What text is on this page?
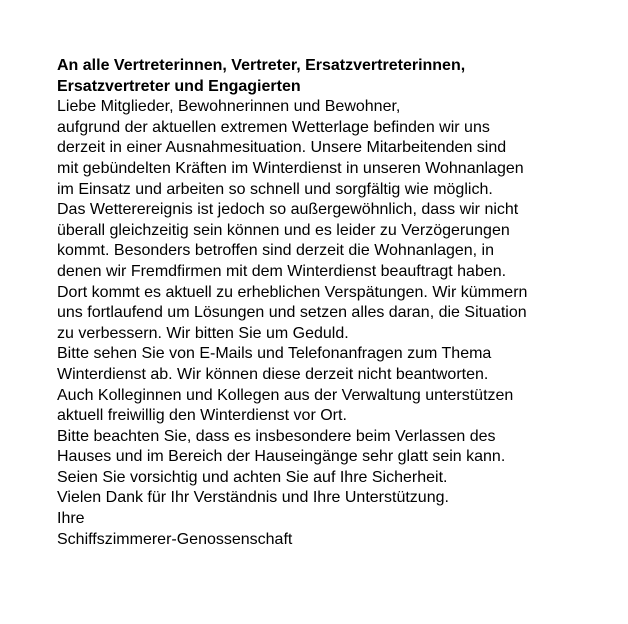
An alle Vertreterinnen, Vertreter, Ersatzvertreterinnen,
Ersatzvertreter und Engagierten
Liebe Mitglieder, Bewohnerinnen und Bewohner,
aufgrund der aktuellen extremen Wetterlage befinden wir uns
derzeit in einer Ausnahmesituation. Unsere Mitarbeitenden sind
mit gebündelten Kräften im Winterdienst in unseren Wohnanlagen
im Einsatz und arbeiten so schnell und sorgfältig wie möglich.
Das Wetterereignis ist jedoch so außergewöhnlich, dass wir nicht
überall gleichzeitig sein können und es leider zu Verzögerungen
kommt. Besonders betroffen sind derzeit die Wohnanlagen, in
denen wir Fremdfirmen mit dem Winterdienst beauftragt haben.
Dort kommt es aktuell zu erheblichen Verspätungen. Wir kümmern
uns fortlaufend um Lösungen und setzen alles daran, die Situation
zu verbessern. Wir bitten Sie um Geduld.
Bitte sehen Sie von E-Mails und Telefonanfragen zum Thema
Winterdienst ab. Wir können diese derzeit nicht beantworten.
Auch Kolleginnen und Kollegen aus der Verwaltung unterstützen
aktuell freiwillig den Winterdienst vor Ort.
Bitte beachten Sie, dass es insbesondere beim Verlassen des
Hauses und im Bereich der Hauseingänge sehr glatt sein kann.
Seien Sie vorsichtig und achten Sie auf Ihre Sicherheit.
Vielen Dank für Ihr Verständnis und Ihre Unterstützung.
Ihre
Schiffszimmerer-Genossenschaft
